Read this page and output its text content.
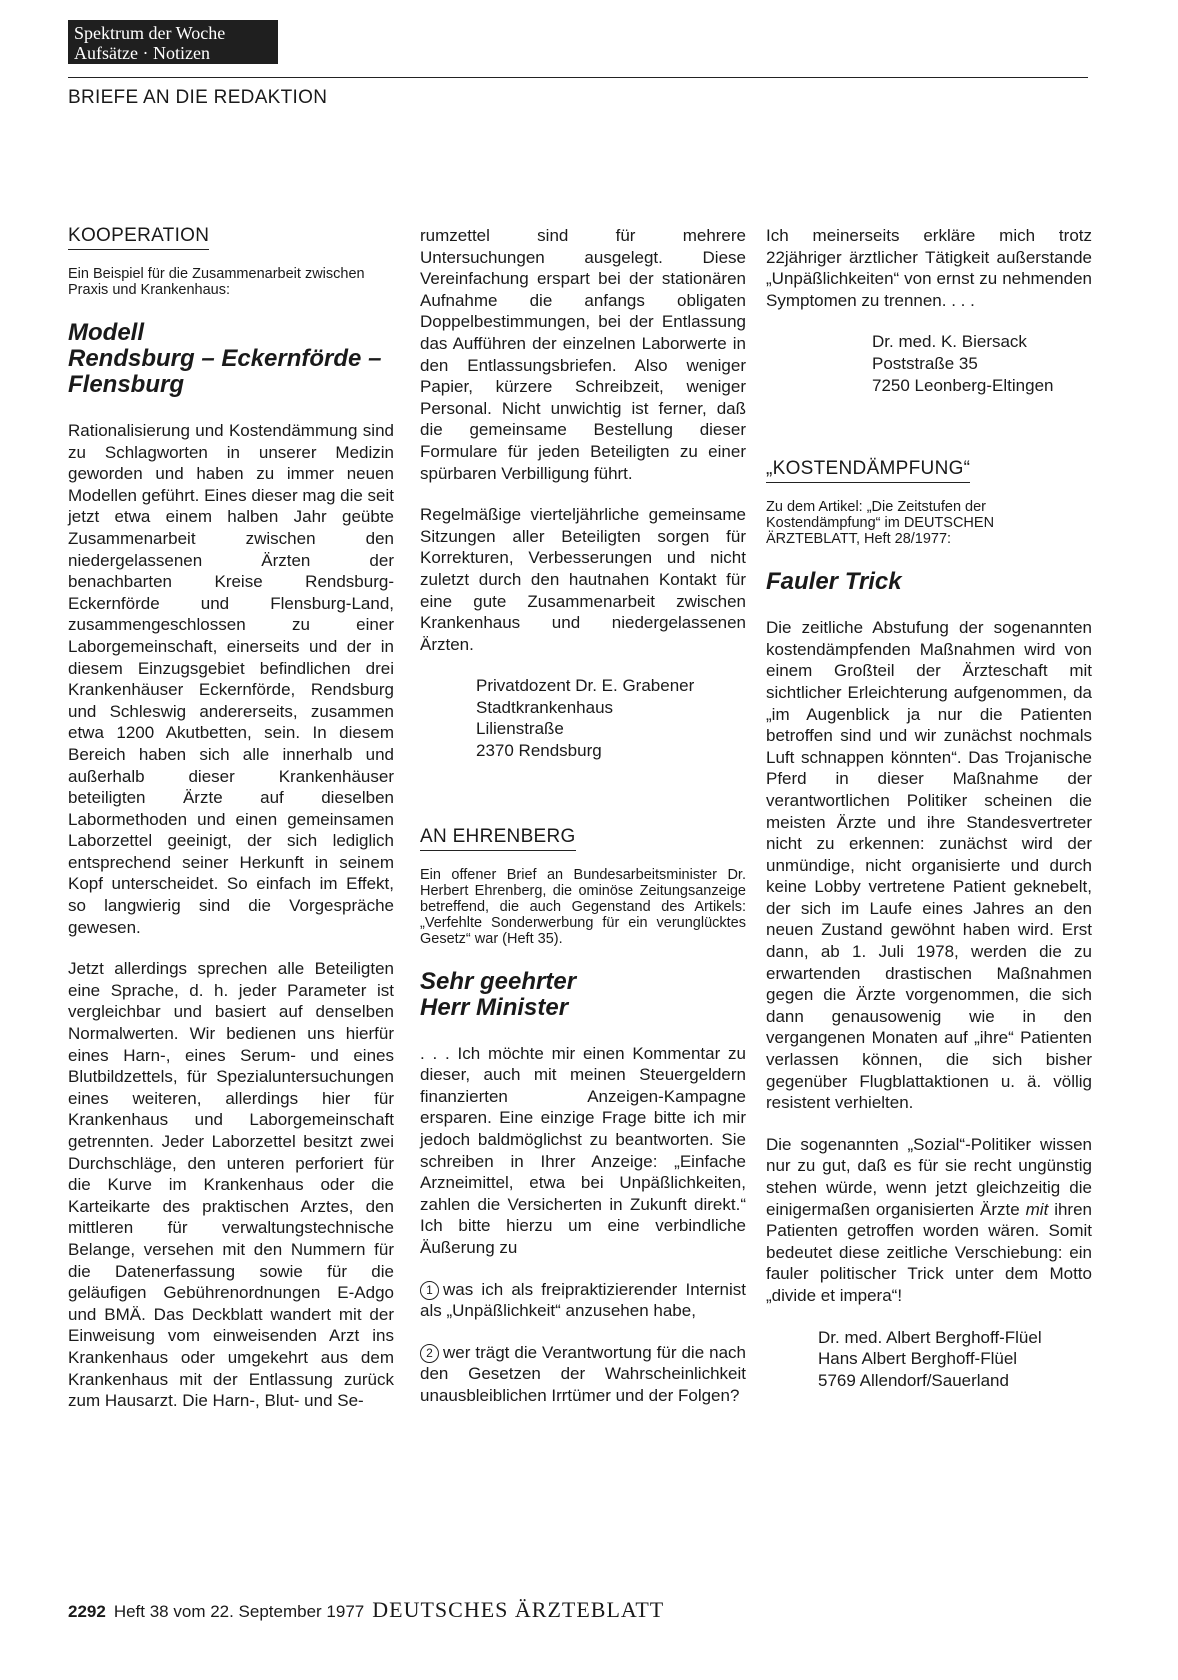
Spektrum der Woche
Aufsätze · Notizen
BRIEFE AN DIE REDAKTION
KOOPERATION

Ein Beispiel für die Zusammenarbeit zwischen Praxis und Krankenhaus:

Modell
Rendsburg – Eckernförde –
Flensburg

Rationalisierung und Kostendämmung sind zu Schlagworten in unserer Medizin geworden und haben zu immer neuen Modellen geführt. Eines dieser mag die seit jetzt etwa einem halben Jahr geübte Zusammenarbeit zwischen den niedergelassenen Ärzten der benachbarten Kreise Rendsburg-Eckernförde und Flensburg-Land, zusammengeschlossen zu einer Laborgemeinschaft, einerseits und der in diesem Einzugsgebiet befindlichen drei Krankenhäuser Eckernförde, Rendsburg und Schleswig andererseits, zusammen etwa 1200 Akutbetten, sein. In diesem Bereich haben sich alle innerhalb und außerhalb dieser Krankenhäuser beteiligten Ärzte auf dieselben Labormethoden und einen gemeinsamen Laborzettel geeinigt, der sich lediglich entsprechend seiner Herkunft in seinem Kopf unterscheidet. So einfach im Effekt, so langwierig sind die Vorgespräche gewesen.

Jetzt allerdings sprechen alle Beteiligten eine Sprache, d. h. jeder Parameter ist vergleichbar und basiert auf denselben Normalwerten. Wir bedienen uns hierfür eines Harn-, eines Serum- und eines Blutbildzettels, für Spezialuntersuchungen eines weiteren, allerdings hier für Krankenhaus und Laborgemeinschaft getrennten. Jeder Laborzettel besitzt zwei Durchschläge, den unteren perforiert für die Kurve im Krankenhaus oder die Karteikarte des praktischen Arztes, den mittleren für verwaltungstechnische Belange, versehen mit den Nummern für die Datenerfassung sowie für die geläufigen Gebührenordnungen E-Adgo und BMÄ. Das Deckblatt wandert mit der Einweisung vom einweisenden Arzt ins Krankenhaus oder umgekehrt aus dem Krankenhaus mit der Entlassung zurück zum Hausarzt. Die Harn-, Blut- und Se-

rumzettel sind für mehrere Untersuchungen ausgelegt. Diese Vereinfachung erspart bei der stationären Aufnahme die anfangs obligaten Doppelbestimmungen, bei der Entlassung das Aufführen der einzelnen Laborwerte in den Entlassungsbriefen. Also weniger Papier, kürzere Schreibzeit, weniger Personal. Nicht unwichtig ist ferner, daß die gemeinsame Bestellung dieser Formulare für jeden Beteiligten zu einer spürbaren Verbilligung führt.

Regelmäßige vierteljährliche gemeinsame Sitzungen aller Beteiligten sorgen für Korrekturen, Verbesserungen und nicht zuletzt durch den hautnahen Kontakt für eine gute Zusammenarbeit zwischen Krankenhaus und niedergelassenen Ärzten.

Privatdozent Dr. E. Grabener
Stadtkrankenhaus
Lilienstraße
2370 Rendsburg
AN EHRENBERG

Ein offener Brief an Bundesarbeitsminister Dr. Herbert Ehrenberg, die ominöse Zeitungsanzeige betreffend, die auch Gegenstand des Artikels: „Verfehlte Sonderwerbung für ein verunglücktes Gesetz“ war (Heft 35).

Sehr geehrter
Herr Minister

. . . Ich möchte mir einen Kommentar zu dieser, auch mit meinen Steuergeldern finanzierten Anzeigen-Kampagne ersparen. Eine einzige Frage bitte ich mir jedoch baldmöglichst zu beantworten. Sie schreiben in Ihrer Anzeige: „Einfache Arzneimittel, etwa bei Unpäßlichkeiten, zahlen die Versicherten in Zukunft direkt.“ Ich bitte hierzu um eine verbindliche Äußerung zu

1 was ich als freipraktizierender Internist als „Unpäßlichkeit“ anzusehen habe,

2 wer trägt die Verantwortung für die nach den Gesetzen der Wahrscheinlichkeit unausbleiblichen Irrtümer und der Folgen?

Ich meinerseits erkläre mich trotz 22jähriger ärztlicher Tätigkeit außerstande „Unpäßlichkeiten“ von ernst zu nehmenden Symptomen zu trennen. . . .

Dr. med. K. Biersack
Poststraße 35
7250 Leonberg-Eltingen
„KOSTENDÄMPFUNG“

Zu dem Artikel: „Die Zeitstufen der Kostendämpfung“ im DEUTSCHEN ÄRZTEBLATT, Heft 28/1977:

Fauler Trick

Die zeitliche Abstufung der sogenannten kostendämpfenden Maßnahmen wird von einem Großteil der Ärzteschaft mit sichtlicher Erleichterung aufgenommen, da „im Augenblick ja nur die Patienten betroffen sind und wir zunächst nochmals Luft schnappen könnten“. Das Trojanische Pferd in dieser Maßnahme der verantwortlichen Politiker scheinen die meisten Ärzte und ihre Standesvertreter nicht zu erkennen: zunächst wird der unmündige, nicht organisierte und durch keine Lobby vertretene Patient geknebelt, der sich im Laufe eines Jahres an den neuen Zustand gewöhnt haben wird. Erst dann, ab 1. Juli 1978, werden die zu erwartenden drastischen Maßnahmen gegen die Ärzte vorgenommen, die sich dann genausowenig wie in den vergangenen Monaten auf „ihre“ Patienten verlassen können, die sich bisher gegenüber Flugblattaktionen u. ä. völlig resistent verhielten.

Die sogenannten „Sozial“-Politiker wissen nur zu gut, daß es für sie recht ungünstig stehen würde, wenn jetzt gleichzeitig die einigermaßen organisierten Ärzte mit ihren Patienten getroffen worden wären. Somit bedeutet diese zeitliche Verschiebung: ein fauler politischer Trick unter dem Motto „divide et impera“!

Dr. med. Albert Berghoff-Flüel
Hans Albert Berghoff-Flüel
5769 Allendorf/Sauerland
2292 Heft 38 vom 22. September 1977 DEUTSCHES ÄRZTEBLATT
